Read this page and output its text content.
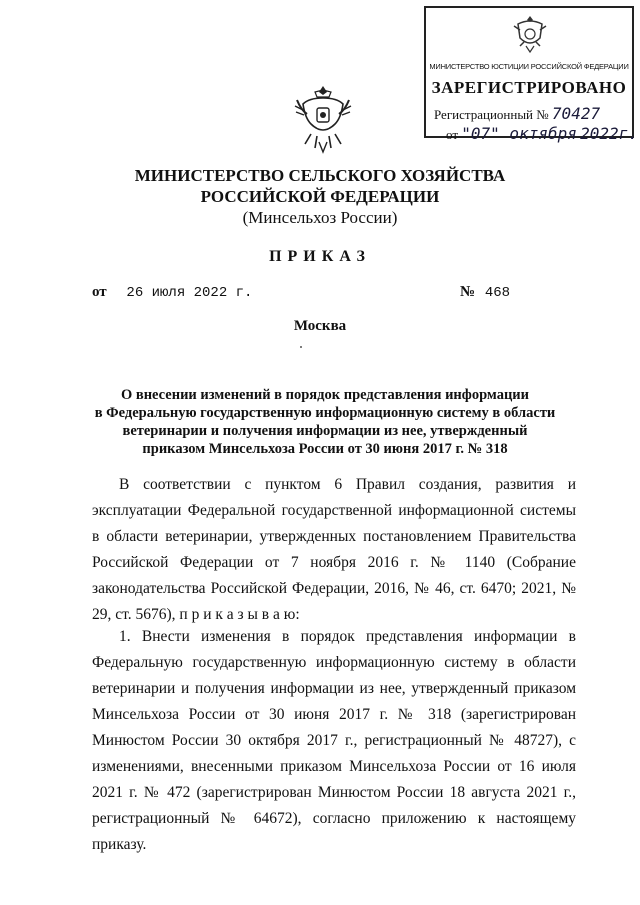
МИНИСТЕРСТВО ЮСТИЦИИ РОССИЙСКОЙ ФЕДЕРАЦИИ
ЗАРЕГИСТРИРОВАНО
Регистрационный № 70427
от "07" октября 2022г.
МИНИСТЕРСТВО СЕЛЬСКОГО ХОЗЯЙСТВА
РОССИЙСКОЙ ФЕДЕРАЦИИ
(Минсельхоз России)
ПРИКАЗ
от 26 июля 2022 г.	№ 468
Москва
О внесении изменений в порядок представления информации
в Федеральную государственную информационную систему в области
ветеринарии и получения информации из нее, утвержденный
приказом Минсельхоза России от 30 июня 2017 г. № 318

В соответствии с пунктом 6 Правил создания, развития и эксплуатации Федеральной государственной информационной системы в области ветеринарии, утвержденных постановлением Правительства Российской Федерации от 7 ноября 2016 г. № 1140 (Собрание законодательства Российской Федерации, 2016, № 46, ст. 6470; 2021, № 29, ст. 5676), п р и к а з ы в а ю:

1. Внести изменения в порядок представления информации в Федеральную государственную информационную систему в области ветеринарии и получения информации из нее, утвержденный приказом Минсельхоза России от 30 июня 2017 г. № 318 (зарегистрирован Минюстом России 30 октября 2017 г., регистрационный № 48727), с изменениями, внесенными приказом Минсельхоза России от 16 июля 2021 г. № 472 (зарегистрирован Минюстом России 18 августа 2021 г., регистрационный № 64672), согласно приложению к настоящему приказу.
